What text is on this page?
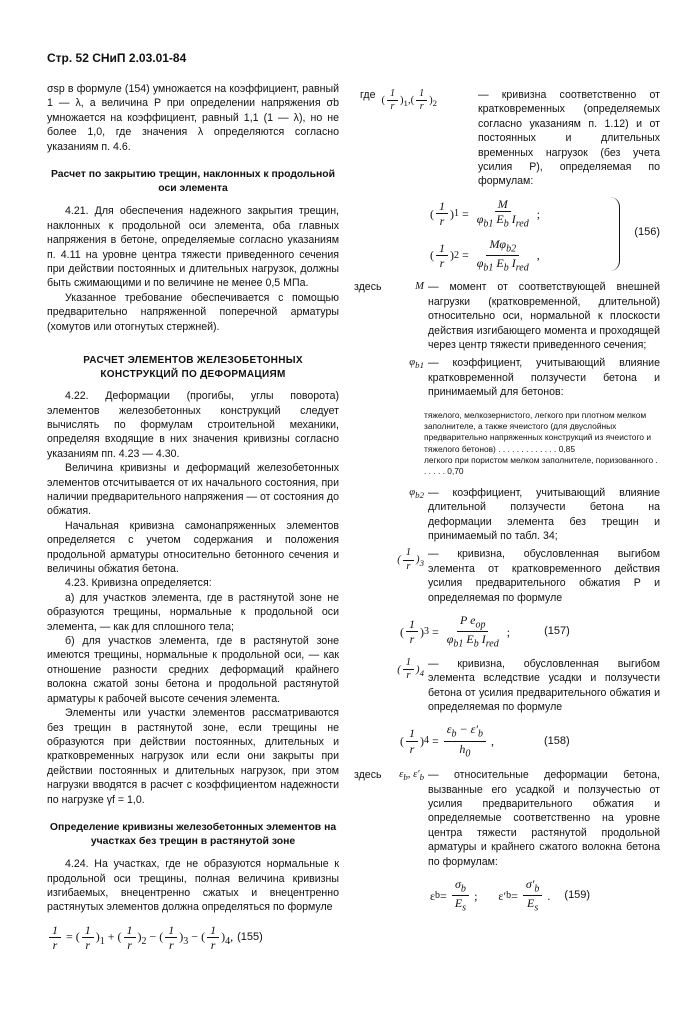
Стр. 52 СНиП 2.03.01-84

σsp в формуле (154) умножается на коэффициент, равный 1 — λ, а величина P при определении напряжения σb умножается на коэффициент, равный 1,1 (1 — λ), но не более 1,0, где значения λ определяются согласно указаниям п. 4.6.

Расчет по закрытию трещин, наклонных к продольной оси элемента

4.21. Для обеспечения надежного закрытия трещин, наклонных к продольной оси элемента, оба главных напряжения в бетоне, определяемые согласно указаниям п. 4.11 на уровне центра тяжести приведенного сечения при действии постоянных и длительных нагрузок, должны быть сжимающими и по величине не менее 0,5 МПа.

Указанное требование обеспечивается с помощью предварительно напряженной поперечной арматуры (хомутов или отогнутых стержней).

РАСЧЕТ ЭЛЕМЕНТОВ ЖЕЛЕЗОБЕТОННЫХ КОНСТРУКЦИЙ ПО ДЕФОРМАЦИЯМ

4.22. Деформации (прогибы, углы поворота) элементов железобетонных конструкций следует вычислять по формулам строительной механики, определяя входящие в них значения кривизны согласно указаниям пп. 4.23 — 4.30.

Величина кривизны и деформаций железобетонных элементов отсчитывается от их начального состояния, при наличии предварительного напряжения — от состояния до обжатия.

Начальная кривизна самонапряженных элементов определяется с учетом содержания и положения продольной арматуры относительно бетонного сечения и величины обжатия бетона.

4.23. Кривизна определяется:

а) для участков элемента, где в растянутой зоне не образуются трещины, нормальные к продольной оси элемента, — как для сплошного тела;

б) для участков элемента, где в растянутой зоне имеются трещины, нормальные к продольной оси, — как отношение разности средних деформаций крайнего волокна сжатой зоны бетона и продольной растянутой арматуры к рабочей высоте сечения элемента.

Элементы или участки элементов рассматриваются без трещин в растянутой зоне, если трещины не образуются при действии постоянных, длительных и кратковременных нагрузок или если они закрыты при действии постоянных и длительных нагрузок, при этом нагрузки вводятся в расчет с коэффициентом надежности по нагрузке γf = 1,0.

Определение кривизны железобетонных элементов на участках без трещин в растянутой зоне

4.24. На участках, где не образуются нормальные к продольной оси трещины, полная величина кривизны изгибаемых, внецентренно сжатых и внецентренно растянутых элементов должна определяться по формуле

$\frac{1}{r}$ = ( $\frac{1}{r} )_1$ + ( $\frac{1}{r} )_2$ − ( $\frac{1}{r} )_3$ − ( $\frac{1}{r} )_4$, (155)
где ( $\frac{1}{r} )_1,( \frac{1}{r} )_2$
— кривизна соответственно от кратковременных (определяемых согласно указаниям п. 1.12) и от постоянных и длительных временных нагрузок (без учета усилия P), определяемая по формулам:
( $\frac{1}{r}$ ) $1 = \frac{M}{\varphi_{b1} E_b I_{red}}$ ;
( $\frac{1}{r}$ ) $2 = \frac{M\varphi_{b2}}{\varphi_{b1} E_b I_{red}}$ ,
(156)
здесь	M — момент от соответствующей внешней нагрузки (кратковременной, длительной) относительно оси, нормальной к плоскости действия изгибающего момента и проходящей через центр тяжести приведенного сечения;
$\varphi_{b1}$ — коэффициент, учитывающий влияние кратковременной ползучести бетона и принимаемый для бетонов:
тяжелого, мелкозернистого, легкого при плотном мелком заполнителе, а также ячеистого (для двуслойных предварительно напряженных конструкций из ячеистого и тяжелого бетонов) . . . . . . . . . . . . . 0,85
легкого при пористом мелком заполнителе, поризованного . . . . . . 0,70
$\varphi_{b2}$ — коэффициент, учитывающий влияние длительной ползучести бетона на деформации элемента без трещин и принимаемый по табл. 34;
( $\frac{1}{r} )_3$
— кривизна, обусловленная выгибом элемента от кратковременного действия усилия предварительного обжатия P и определяемая по формуле
( $\frac{1}{r}$ ) $3 = \frac{P e_{op}}{\varphi_{b1} E_b I_{red}}$ ;	(157)
( $\frac{1}{r} )_4$
— кривизна, обусловленная выгибом элемента вследствие усадки и ползучести бетона от усилия предварительного обжатия и определяемая по формуле
( $\frac{1}{r}$ ) $4 = \frac{\varepsilon_b - \varepsilon'_b}{h_0}$ ,	(158)
здесь $\varepsilon_b$, $\varepsilon'_b$ — относительные деформации бетона, вызванные его усадкой и ползучестью от усилия предварительного обжатия и определяемые соответственно на уровне центра тяжести растянутой продольной арматуры и крайнего сжатого волокна бетона по формулам:
ε $b = \frac{\sigma_b}{E_s}$ ;       ε′ $b = \frac{\sigma'_b}{E_s}$ . (159)
